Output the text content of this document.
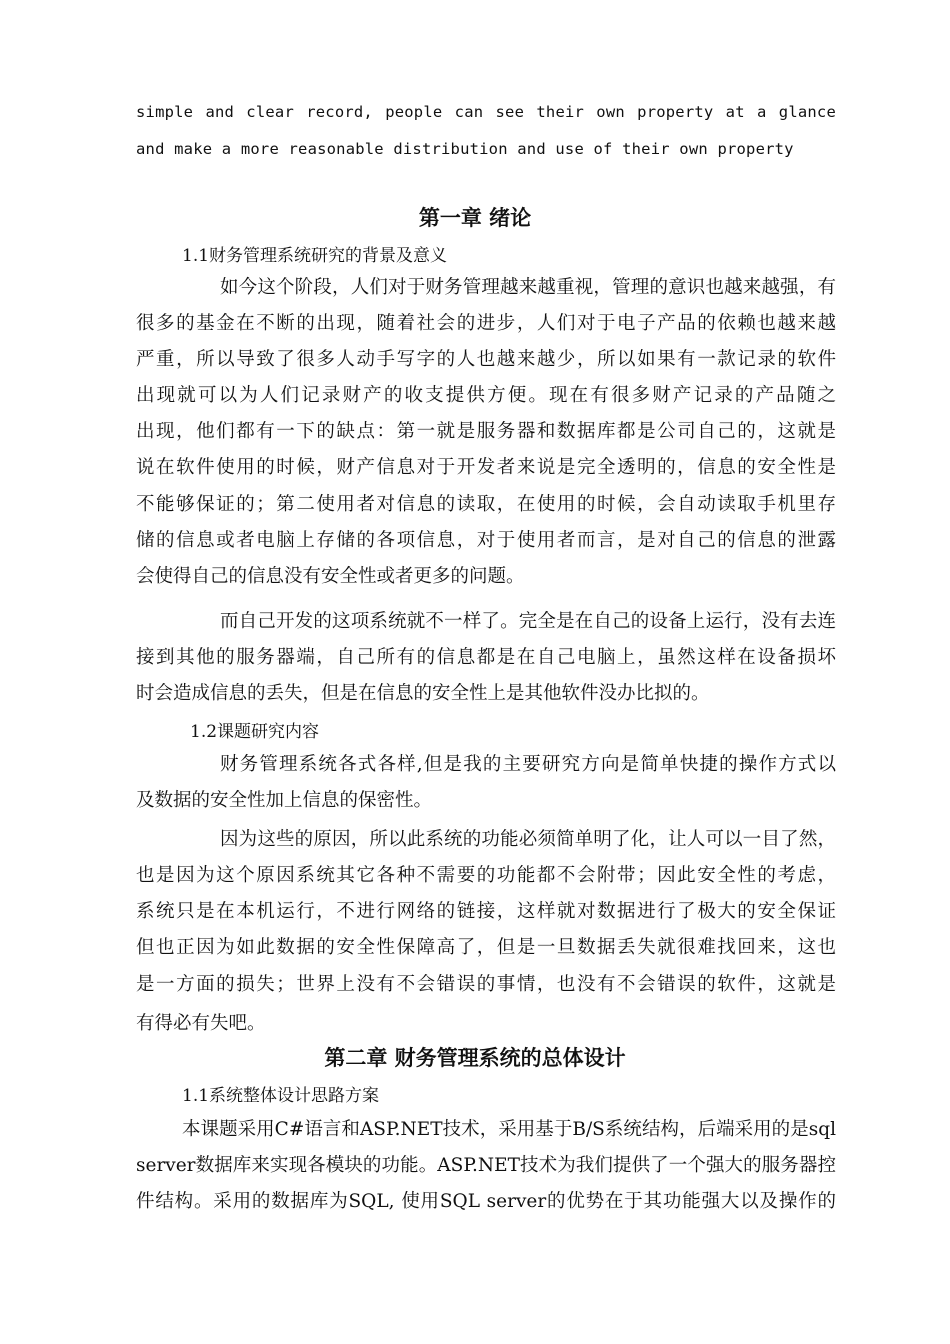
simple and clear record, people can see their own property at a glance
and make a more reasonable distribution and use of their own property
第一章 绪论
1.1财务管理系统研究的背景及意义
如今这个阶段，人们对于财务管理越来越重视，管理的意识也越来越强，有
很多的基金在不断的出现，随着社会的进步，人们对于电子产品的依赖也越来越
严重，所以导致了很多人动手写字的人也越来越少，所以如果有一款记录的软件
出现就可以为人们记录财产的收支提供方便。现在有很多财产记录的产品随之
出现，他们都有一下的缺点：第一就是服务器和数据库都是公司自己的，这就是
说在软件使用的时候，财产信息对于开发者来说是完全透明的，信息的安全性是
不能够保证的；第二使用者对信息的读取，在使用的时候，会自动读取手机里存
储的信息或者电脑上存储的各项信息，对于使用者而言，是对自己的信息的泄露
会使得自己的信息没有安全性或者更多的问题。
而自己开发的这项系统就不一样了。完全是在自己的设备上运行，没有去连
接到其他的服务器端，自己所有的信息都是在自己电脑上，虽然这样在设备损坏
时会造成信息的丢失，但是在信息的安全性上是其他软件没办比拟的。
1.2课题研究内容
财务管理系统各式各样,但是我的主要研究方向是简单快捷的操作方式以
及数据的安全性加上信息的保密性。
因为这些的原因，所以此系统的功能必须简单明了化，让人可以一目了然，
也是因为这个原因系统其它各种不需要的功能都不会附带；因此安全性的考虑，
系统只是在本机运行，不进行网络的链接，这样就对数据进行了极大的安全保证
但也正因为如此数据的安全性保障高了，但是一旦数据丢失就很难找回来，这也
是一方面的损失；世界上没有不会错误的事情，也没有不会错误的软件，这就是
有得必有失吧。
第二章 财务管理系统的总体设计
1.1系统整体设计思路方案
本课题采用C#语言和ASP.NET技术，采用基于B/S系统结构，后端采用的是sql
server数据库来实现各模块的功能。ASP.NET技术为我们提供了一个强大的服务器控
件结构。采用的数据库为SQL, 使用SQL server的优势在于其功能强大以及操作的
